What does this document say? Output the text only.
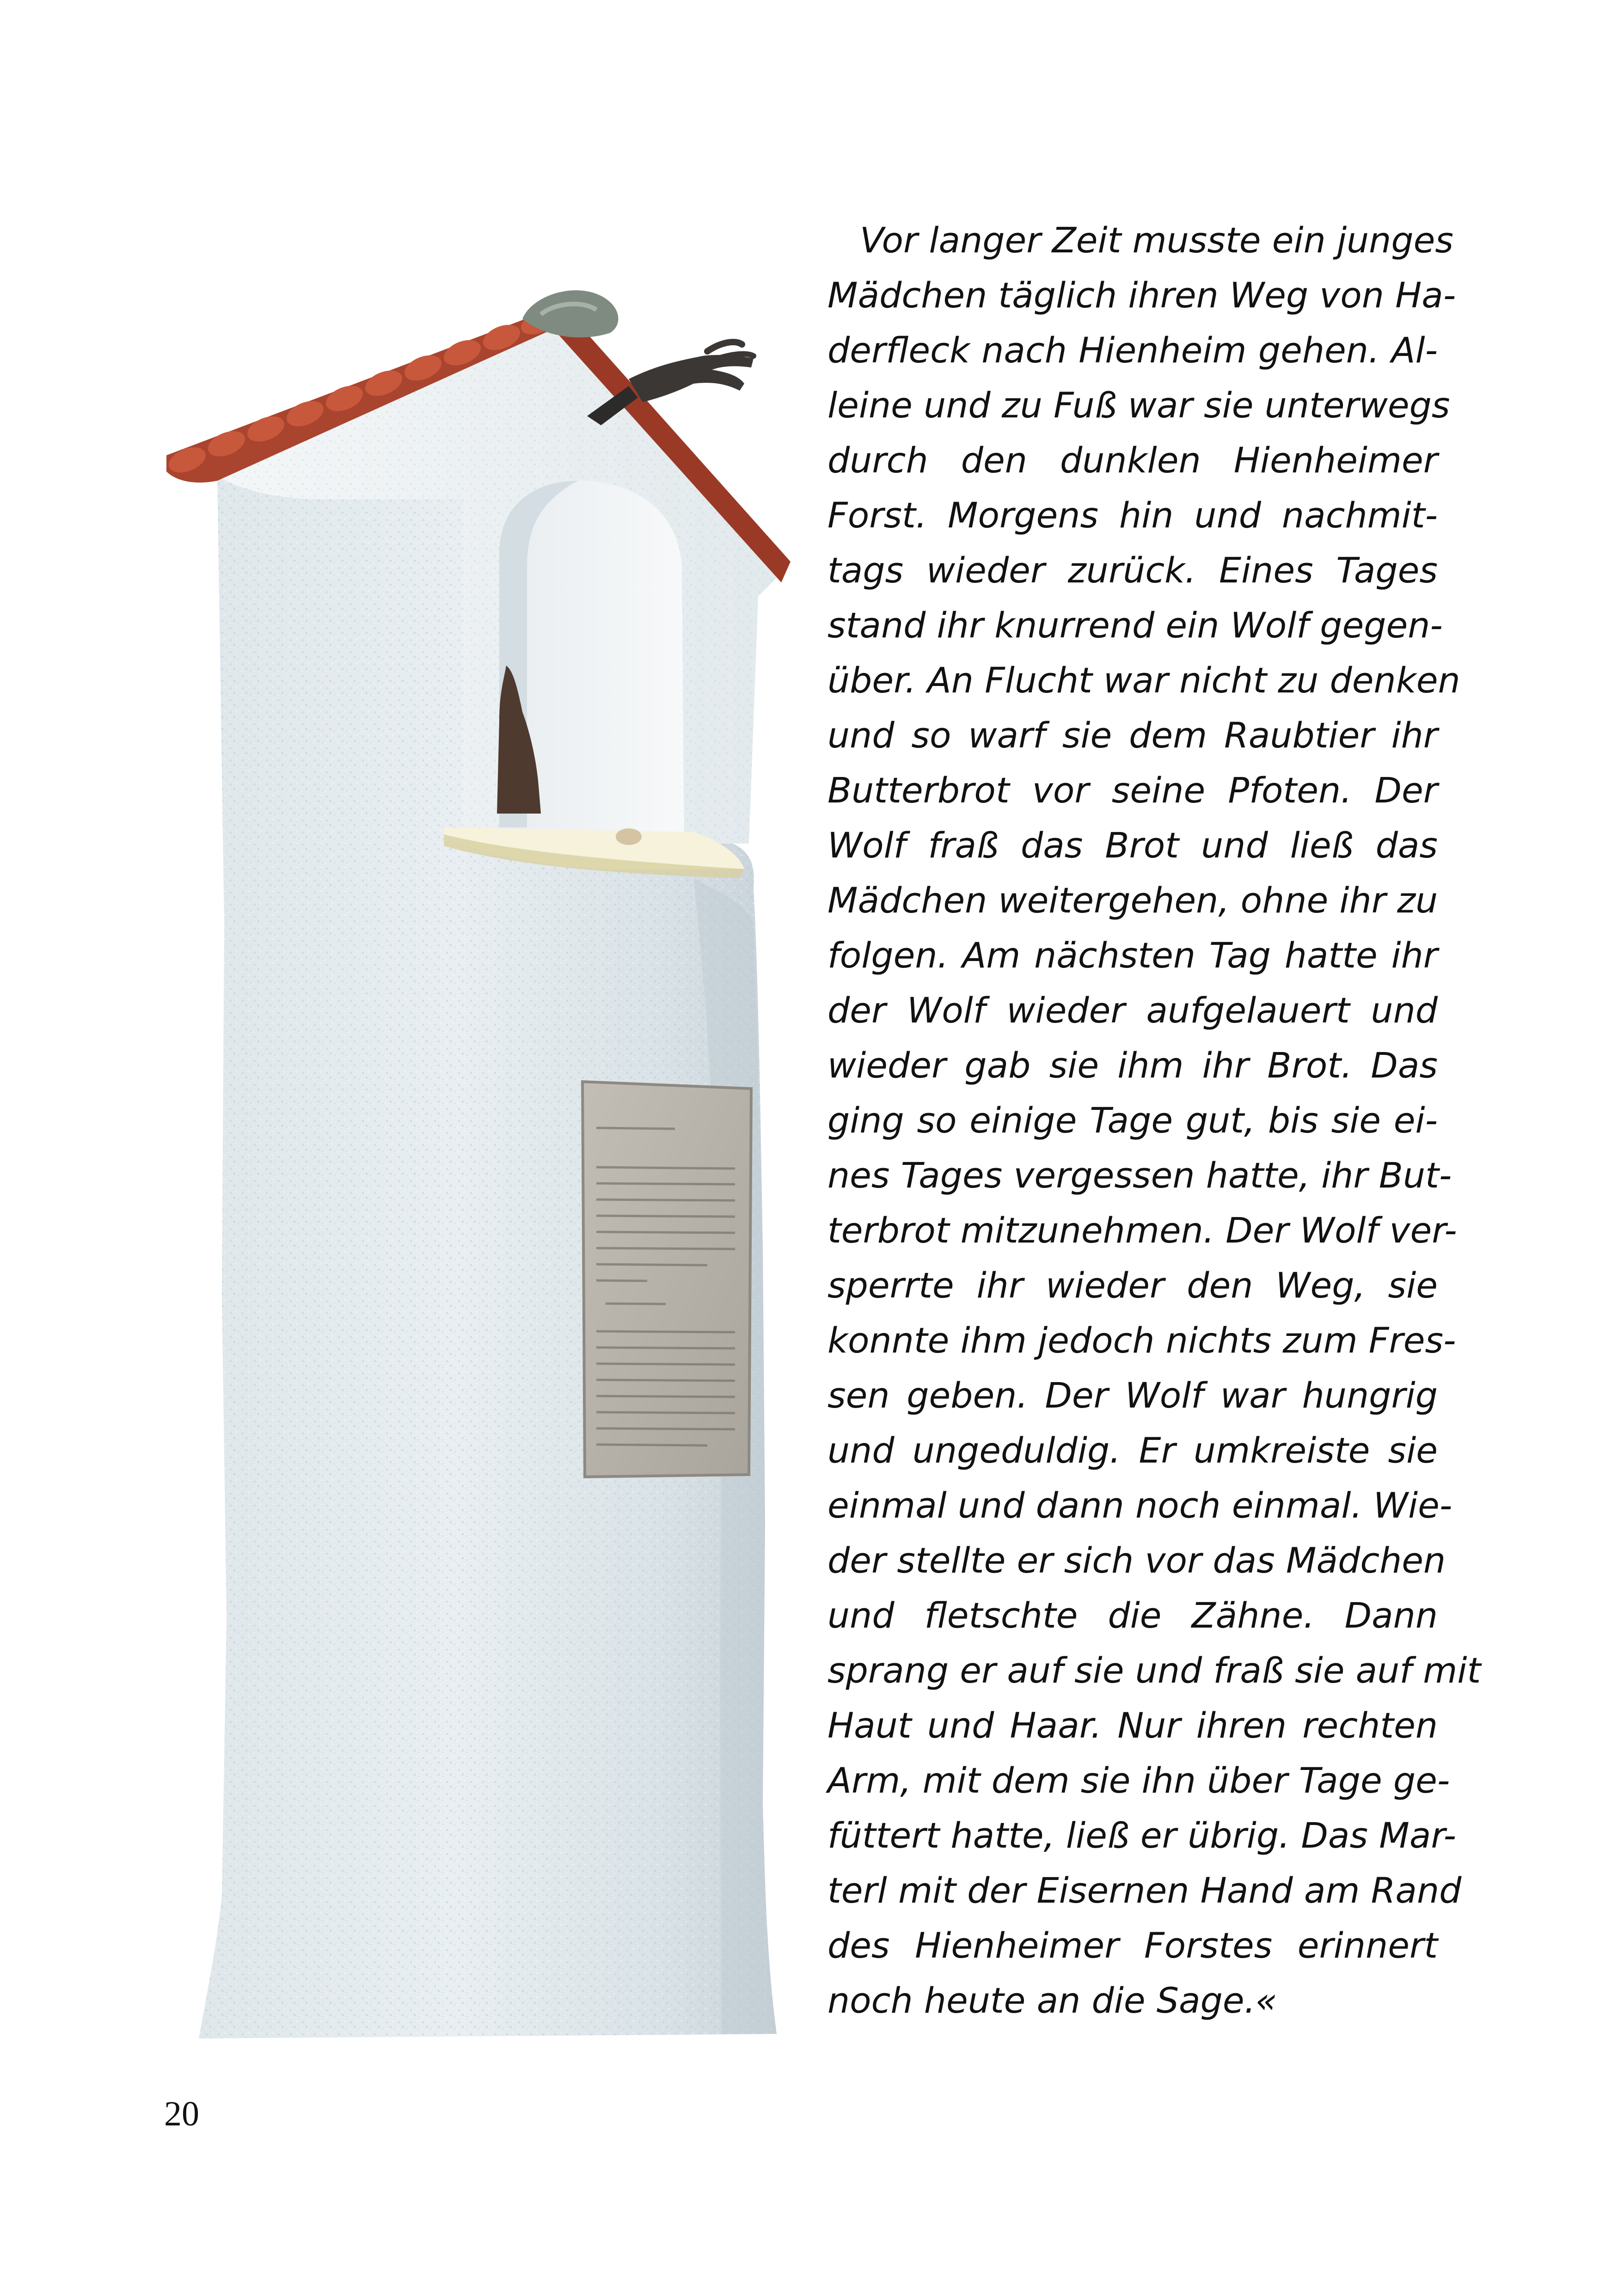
Vor langer Zeit musste ein junges
Mädchen täglich ihren Weg von Ha-
derfleck nach Hienheim gehen. Al-
leine und zu Fuß war sie unterwegs
durch den dunklen Hienheimer
Forst. Morgens hin und nachmit-
tags wieder zurück. Eines Tages
stand ihr knurrend ein Wolf gegen-
über. An Flucht war nicht zu denken
und so warf sie dem Raubtier ihr
Butterbrot vor seine Pfoten. Der
Wolf fraß das Brot und ließ das
Mädchen weitergehen, ohne ihr zu
folgen. Am nächsten Tag hatte ihr
der Wolf wieder aufgelauert und
wieder gab sie ihm ihr Brot. Das
ging so einige Tage gut, bis sie ei-
nes Tages vergessen hatte, ihr But-
terbrot mitzunehmen. Der Wolf ver-
sperrte ihr wieder den Weg, sie
konnte ihm jedoch nichts zum Fres-
sen geben. Der Wolf war hungrig
und ungeduldig. Er umkreiste sie
einmal und dann noch einmal. Wie-
der stellte er sich vor das Mädchen
und fletschte die Zähne. Dann
sprang er auf sie und fraß sie auf mit
Haut und Haar. Nur ihren rechten
Arm, mit dem sie ihn über Tage ge-
füttert hatte, ließ er übrig. Das Mar-
terl mit der Eisernen Hand am Rand
des Hienheimer Forstes erinnert
noch heute an die Sage.«
20
